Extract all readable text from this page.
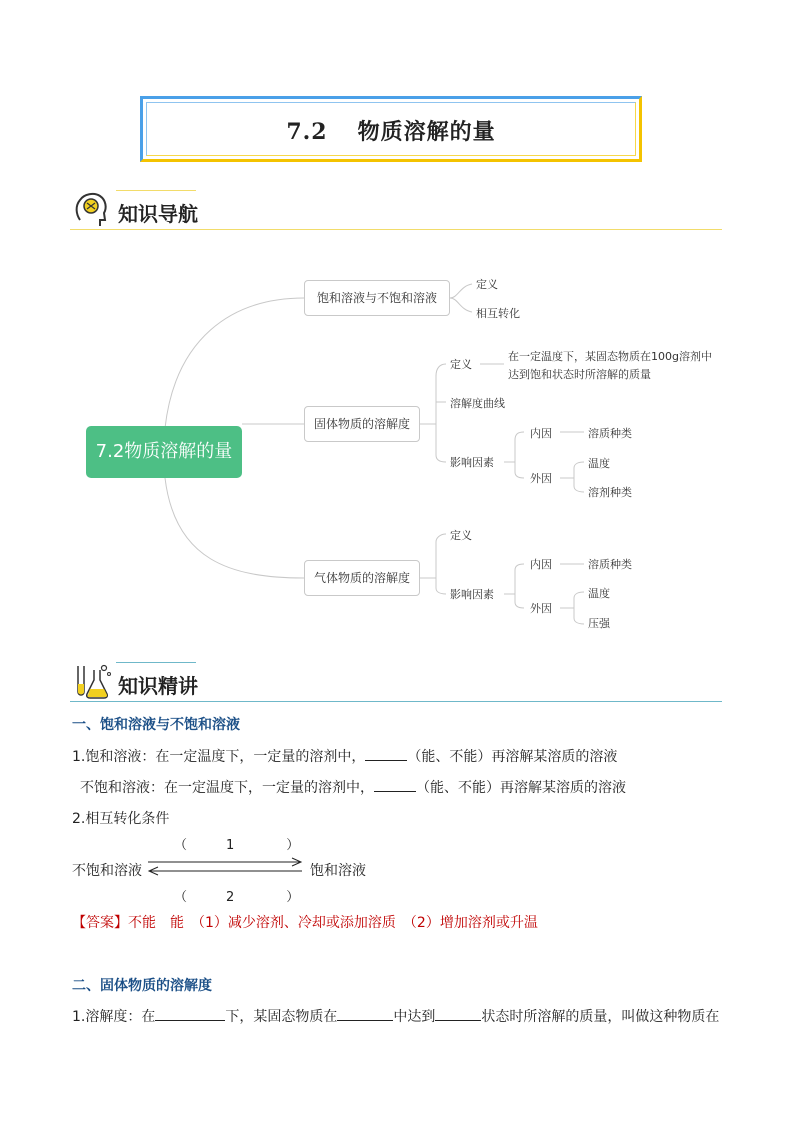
7.2 物质溶解的量
知识导航
7.2物质溶解的量
饱和溶液与不饱和溶液
定义
相互转化
固体物质的溶解度
定义
在一定温度下，某固态物质在100g溶剂中
达到饱和状态时所溶解的质量
溶解度曲线
影响因素
内因	溶质种类
外因
温度
溶剂种类
气体物质的溶解度
定义
影响因素
内因	溶质种类
外因
温度
压强
知识精讲
一、饱和溶液与不饱和溶液
1.饱和溶液：在一定温度下，一定量的溶剂中，	（能、不能）再溶解某溶质的溶液
不饱和溶液：在一定温度下，一定量的溶剂中，	（能、不能）再溶解某溶质的溶液
2.相互转化条件
（　　　1　　　　）
不饱和溶液	饱和溶液
（　　　2　　　　）
【答案】不能　能　（1）减少溶剂、冷却或添加溶质　（2）增加溶剂或升温
二、固体物质的溶解度
1.溶解度：在	下，某固态物质在	中达到	状态时所溶解的质量，叫做这种物质在
